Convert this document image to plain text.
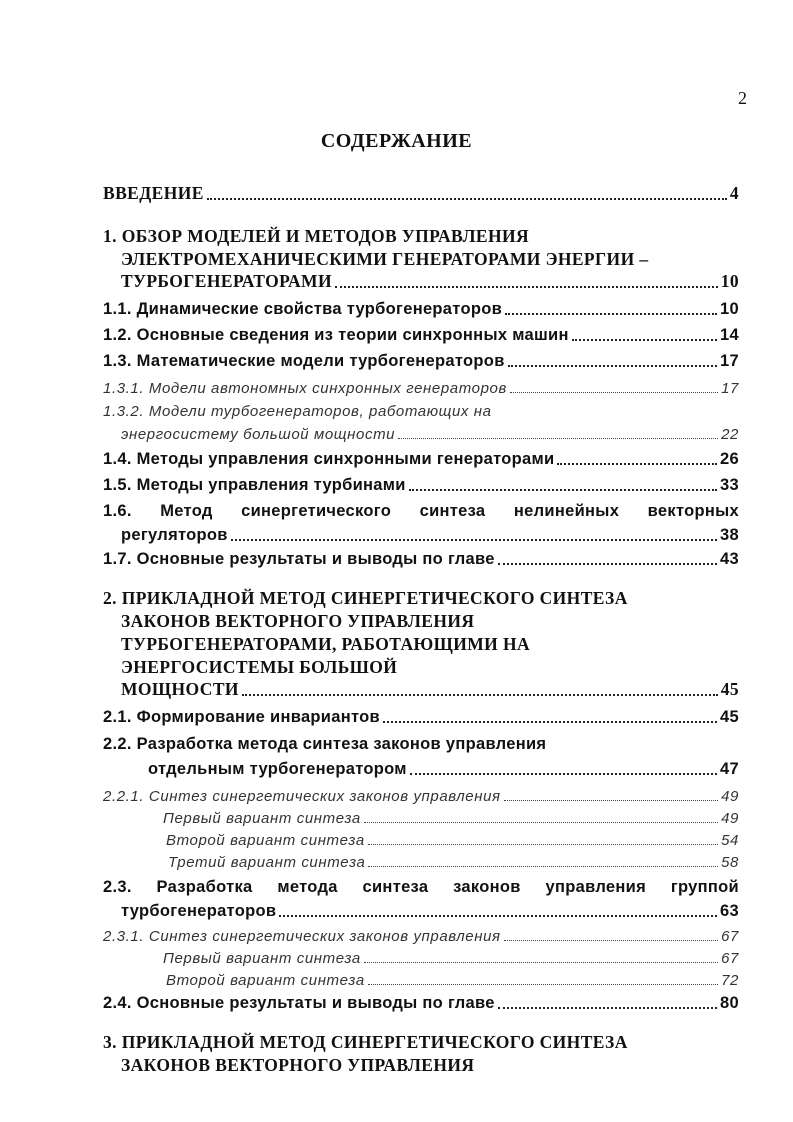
2
СОДЕРЖАНИЕ
ВВЕДЕНИЕ	4
1. ОБЗОР МОДЕЛЕЙ И МЕТОДОВ УПРАВЛЕНИЯ
ЭЛЕКТРОМЕХАНИЧЕСКИМИ ГЕНЕРАТОРАМИ ЭНЕРГИИ –
ТУРБОГЕНЕРАТОРАМИ	10
1.1. Динамические свойства турбогенераторов	10
1.2. Основные сведения из теории синхронных машин	14
1.3. Математические модели турбогенераторов	17
1.3.1. Модели автономных синхронных генераторов	17
1.3.2. Модели турбогенераторов, работающих на
энергосистему большой мощности	22
1.4. Методы управления синхронными генераторами	26
1.5. Методы управления турбинами	33
1.6. Метод синергетического синтеза нелинейных векторных
регуляторов	38
1.7. Основные результаты и выводы по главе	43
2. ПРИКЛАДНОЙ МЕТОД СИНЕРГЕТИЧЕСКОГО СИНТЕЗА
ЗАКОНОВ ВЕКТОРНОГО УПРАВЛЕНИЯ
ТУРБОГЕНЕРАТОРАМИ, РАБОТАЮЩИМИ НА
ЭНЕРГОСИСТЕМЫ БОЛЬШОЙ
МОЩНОСТИ	45
2.1. Формирование инвариантов	45
2.2. Разработка метода синтеза законов управления
отдельным турбогенератором	47
2.2.1. Синтез синергетических законов управления	49
Первый вариант синтеза	49
Второй вариант синтеза	54
Третий вариант синтеза	58
2.3. Разработка метода синтеза законов управления группой
турбогенераторов	63
2.3.1. Синтез синергетических законов управления	67
Первый вариант синтеза	67
Второй вариант синтеза	72
2.4. Основные результаты и выводы по главе	80
3. ПРИКЛАДНОЙ МЕТОД СИНЕРГЕТИЧЕСКОГО СИНТЕЗА
ЗАКОНОВ ВЕКТОРНОГО УПРАВЛЕНИЯ
